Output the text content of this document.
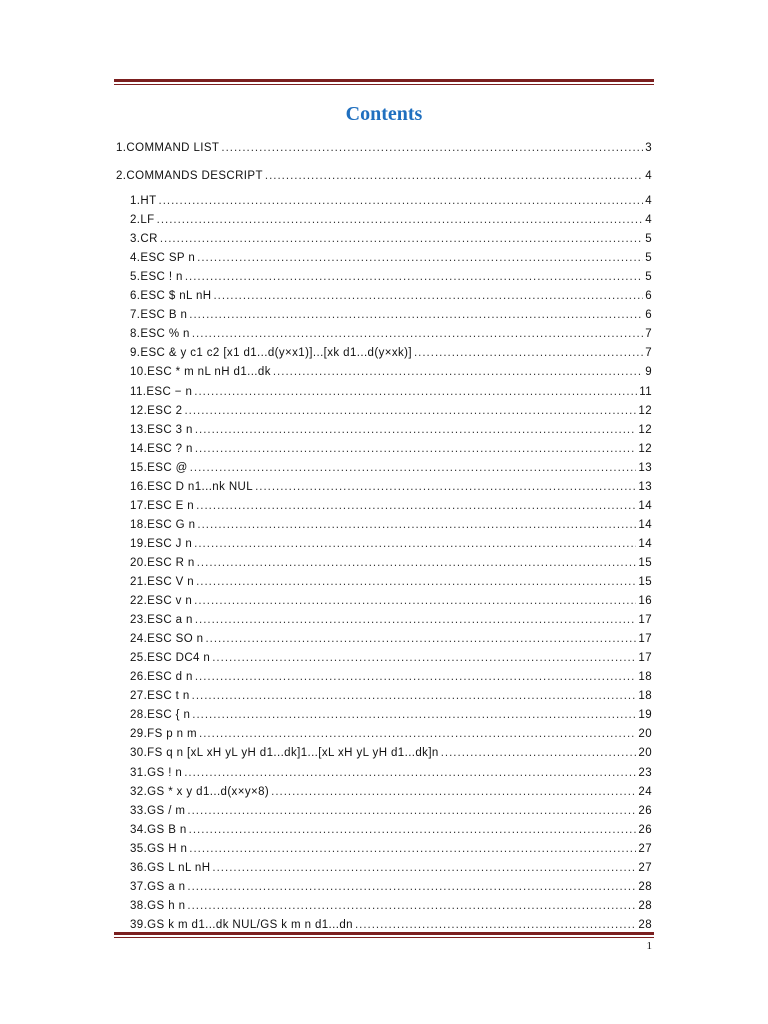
Contents
1.COMMAND LIST .....	3
2.COMMANDS DESCRIPT .....	4
1.HT .....	4
2.LF .....	4
3.CR .....	5
4.ESC SP n .....	5
5.ESC ! n .....	5
6.ESC $ nL nH .....	6
7.ESC B n .....	6
8.ESC % n .....	7
9.ESC & y c1 c2 [x1 d1...d(y×x1)]...[xk d1...d(y×xk)] .....	7
10.ESC * m nL nH d1...dk .....	9
11.ESC − n .....	11
12.ESC 2 .....	12
13.ESC 3 n .....	12
14.ESC ? n .....	12
15.ESC @ .....	13
16.ESC D n1...nk NUL .....	13
17.ESC E n .....	14
18.ESC G n .....	14
19.ESC J n .....	14
20.ESC R n .....	15
21.ESC V n .....	15
22.ESC v n .....	16
23.ESC a n .....	17
24.ESC SO n .....	17
25.ESC DC4 n .....	17
26.ESC d n .....	18
27.ESC t n .....	18
28.ESC { n .....	19
29.FS p n m .....	20
30.FS q n [xL xH yL yH d1...dk]1...[xL xH yL yH d1...dk]n .....	20
31.GS ! n .....	23
32.GS * x y d1...d(x×y×8) .....	24
33.GS / m .....	26
34.GS B n .....	26
35.GS H n .....	27
36.GS L nL nH .....	27
37.GS a n .....	28
38.GS h n .....	28
39.GS k m d1...dk NUL/GS k m n d1...dn .....	28
1
